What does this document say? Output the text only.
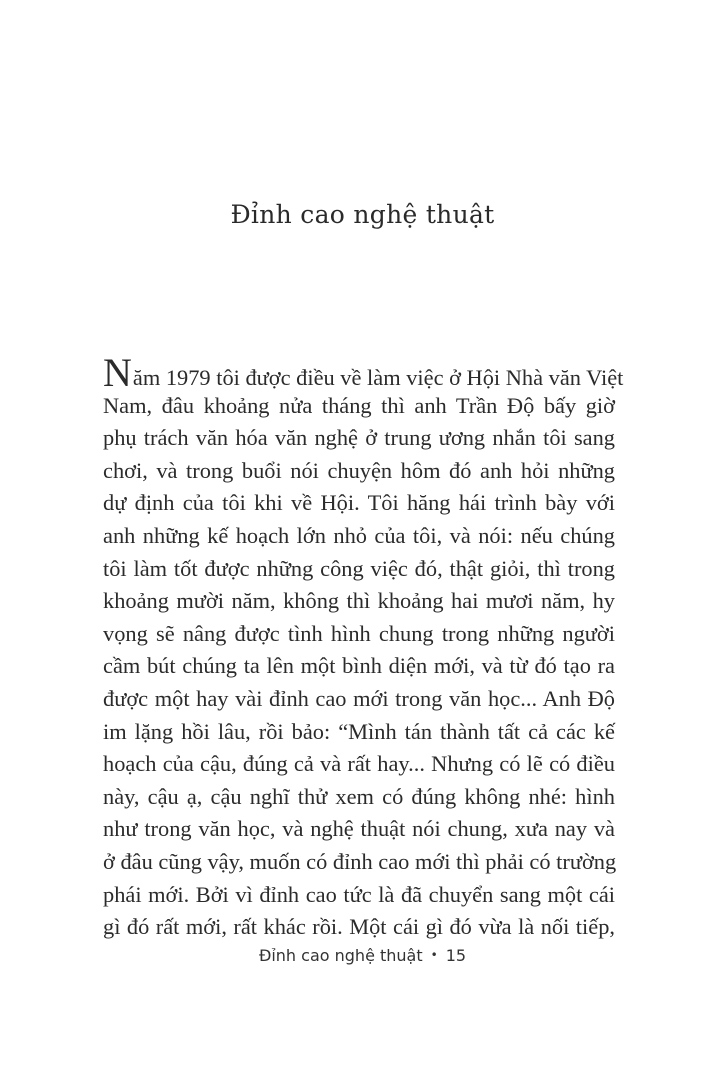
Đỉnh cao nghệ thuật
Năm 1979 tôi được điều về làm việc ở Hội Nhà văn Việt
Nam, đâu khoảng nửa tháng thì anh Trần Độ bấy giờ
phụ trách văn hóa văn nghệ ở trung ương nhắn tôi sang
chơi, và trong buổi nói chuyện hôm đó anh hỏi những
dự định của tôi khi về Hội. Tôi hăng hái trình bày với
anh những kế hoạch lớn nhỏ của tôi, và nói: nếu chúng
tôi làm tốt được những công việc đó, thật giỏi, thì trong
khoảng mười năm, không thì khoảng hai mươi năm, hy
vọng sẽ nâng được tình hình chung trong những người
cầm bút chúng ta lên một bình diện mới, và từ đó tạo ra
được một hay vài đỉnh cao mới trong văn học... Anh Độ
im lặng hồi lâu, rồi bảo: “Mình tán thành tất cả các kế
hoạch của cậu, đúng cả và rất hay... Nhưng có lẽ có điều
này, cậu ạ, cậu nghĩ thử xem có đúng không nhé: hình
như trong văn học, và nghệ thuật nói chung, xưa nay và
ở đâu cũng vậy, muốn có đỉnh cao mới thì phải có trường
phái mới. Bởi vì đỉnh cao tức là đã chuyển sang một cái
gì đó rất mới, rất khác rồi. Một cái gì đó vừa là nối tiếp,
Đỉnh cao nghệ thuật • 15
